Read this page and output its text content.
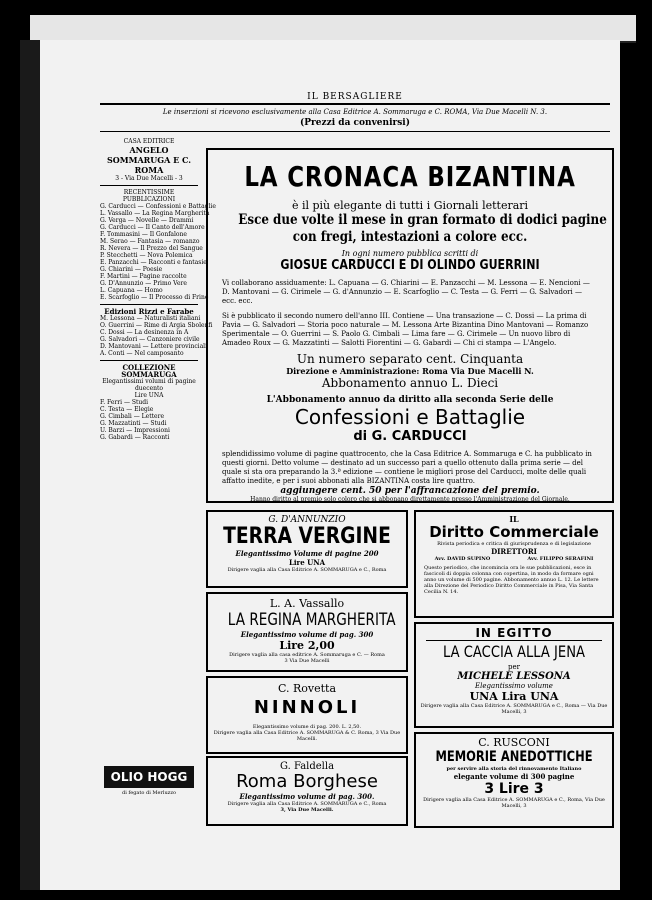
IL BERSAGLIERE
Le inserzioni si ricevono esclusivamente alla Casa Editrice A. Sommaruga e C. ROMA, Via Due Macelli N. 3.
(Prezzi da convenirsi)
CASA EDITRICE
ANGELO SOMMARUGA E C.
ROMA
3 - Via Due Macelli - 3
RECENTISSIME PUBBLICAZIONI
G. Carducci — Confessioni e Battaglie
L. Vassallo — La Regina Margherita
G. Verga — Novelle — Drammi
G. Carducci — Il Canto dell'Amore
F. Tommasini — Il Gonfalone
M. Serao — Fantasia — romanzo
R. Nevera — Il Prezzo del Sangue
P. Stecchetti — Nova Polemica
E. Panzacchi — Racconti e fantasie
G. Chiarini — Poesie
F. Martini — Pagine raccolte
G. D'Annunzio — Primo Vere
L. Capuana — Homo
E. Scarfoglio — Il Processo di Frine
Edizioni Rizzi e Farabe
M. Lessona — Naturalisti italiani
O. Guerrini — Rime di Argia Sbolenfi
C. Dossi — La desinenza in A
G. Salvadori — Canzoniere civile
D. Mantovani — Lettere provinciali
A. Conti — Nel camposanto
COLLEZIONE SOMMARUGA
Elegantissimi volumi di pagine duecento
Lire UNA
F. Ferri — Studi
C. Testa — Elegie
G. Cimbali — Lettere
G. Mazzatinti — Studi
U. Barzi — Impressioni
G. Gabardi — Racconti
OLIO HOGG
di fegato di Merluzzo
LA CRONACA BIZANTINA
è il più elegante di tutti i Giornali letterari
Esce due volte il mese in gran formato di dodici pagine
con fregi, intestazioni a colore ecc.
In ogni numero pubblica scritti di
GIOSUE CARDUCCI E DI OLINDO GUERRINI
Vi collaborano assiduamente: L. Capuana — G. Chiarini — E. Panzacchi — M. Lessona — E. Nencioni — D. Mantovani — G. Cirimele — G. d'Annunzio — E. Scarfoglio — C. Testa — G. Ferri — G. Salvadori — ecc. ecc.
Si è pubblicato il secondo numero dell'anno III. Contiene — Una transazione — C. Dossi — La prima di Pavia — G. Salvadori — Storia poco naturale — M. Lessona Arte Bizantina Dino Mantovani — Romanzo Sperimentale — O. Guerrini — S. Paolo G. Cimbali — Lima fare — G. Cirimele — Un nuovo libro di Amadeo Roux — G. Mazzatinti — Salotti Fiorentini — G. Gabardi — Chi ci stampa — L'Angelo.
Un numero separato cent. Cinquanta
Direzione e Amministrazione: Roma Via Due Macelli N.
Abbonamento annuo L. Dieci
L'Abbonamento annuo da diritto alla seconda Serie delle
Confessioni e Battaglie
di G. CARDUCCI
splendidissimo volume di pagine quattrocento, che la Casa Editrice A. Sommaruga e C. ha pubblicato in questi giorni. Detto volume — destinato ad un successo pari a quello ottenuto dalla prima serie — del quale si sta ora preparando la 3.ª edizione — contiene le migliori prose del Carducci, molte delle quali affatto inedite, e per i suoi abbonati alla BIZANTINA costa lire quattro.
aggiungere cent. 50 per l'affrancazione del premio.
Hanno diritto al premio solo coloro che si abbonano direttamente presso l'Amministrazione del Giornale.
G. D'ANNUNZIO
TERRA VERGINE
Elegantissimo Volume di pagine 200
Lire UNA
Dirigere vaglia alla Casa Editrice A. SOMMARUGA e C., Roma
L. A. Vassallo
LA REGINA MARGHERITA
Elegantissimo volume di pag. 300
Lire 2,00
Dirigere vaglia alla casa editrice A. Sommaruga e C. — Roma
3 Via Due Macelli
C. Rovetta
NINNOLI
Elegantissimo volume di pag. 200. L. 2,50.
Dirigere vaglia alla Casa Editrice A. SOMMARUGA & C. Roma, 3 Via Due Macelli.
G. Faldella
Roma Borghese
Elegantissimo volume di pag. 300.
Dirigere vaglia alla Casa Editrice A. SOMMARUGA e C., Roma
3, Via Due Macelli.
IL
Diritto Commerciale
Rivista periodica e critica di giurisprudenza e di legislazione
DIRETTORI
Avv. DAVID SUPINO	Avv. FILIPPO SERAFINI
Questo periodico, che incomincia ora le sue pubblicazioni, esce in fascicoli di doppia colonna con copertina, in modo da formare ogni anno un volume di 500 pagine. Abbonamento annuo L. 12. Le lettere alla Direzione del Periodico Diritto Commerciale in Pisa, Via Santa Cecilia N. 14.
IN EGITTO
LA CACCIA ALLA JENA
per
MICHELE LESSONA
Elegantissimo volume
UNA Lira UNA
Dirigere vaglia alla Casa Editrice A. SOMMARUGA e C., Roma — Via Due Macelli, 3
C. RUSCONI
MEMORIE ANEDOTTICHE
per servire alla storia del rinnovamento Italiano
elegante volume di 300 pagine
3 Lire 3
Dirigere vaglia alla Casa Editrice A. SOMMARUGA e C., Roma, Via Due Macelli, 3
